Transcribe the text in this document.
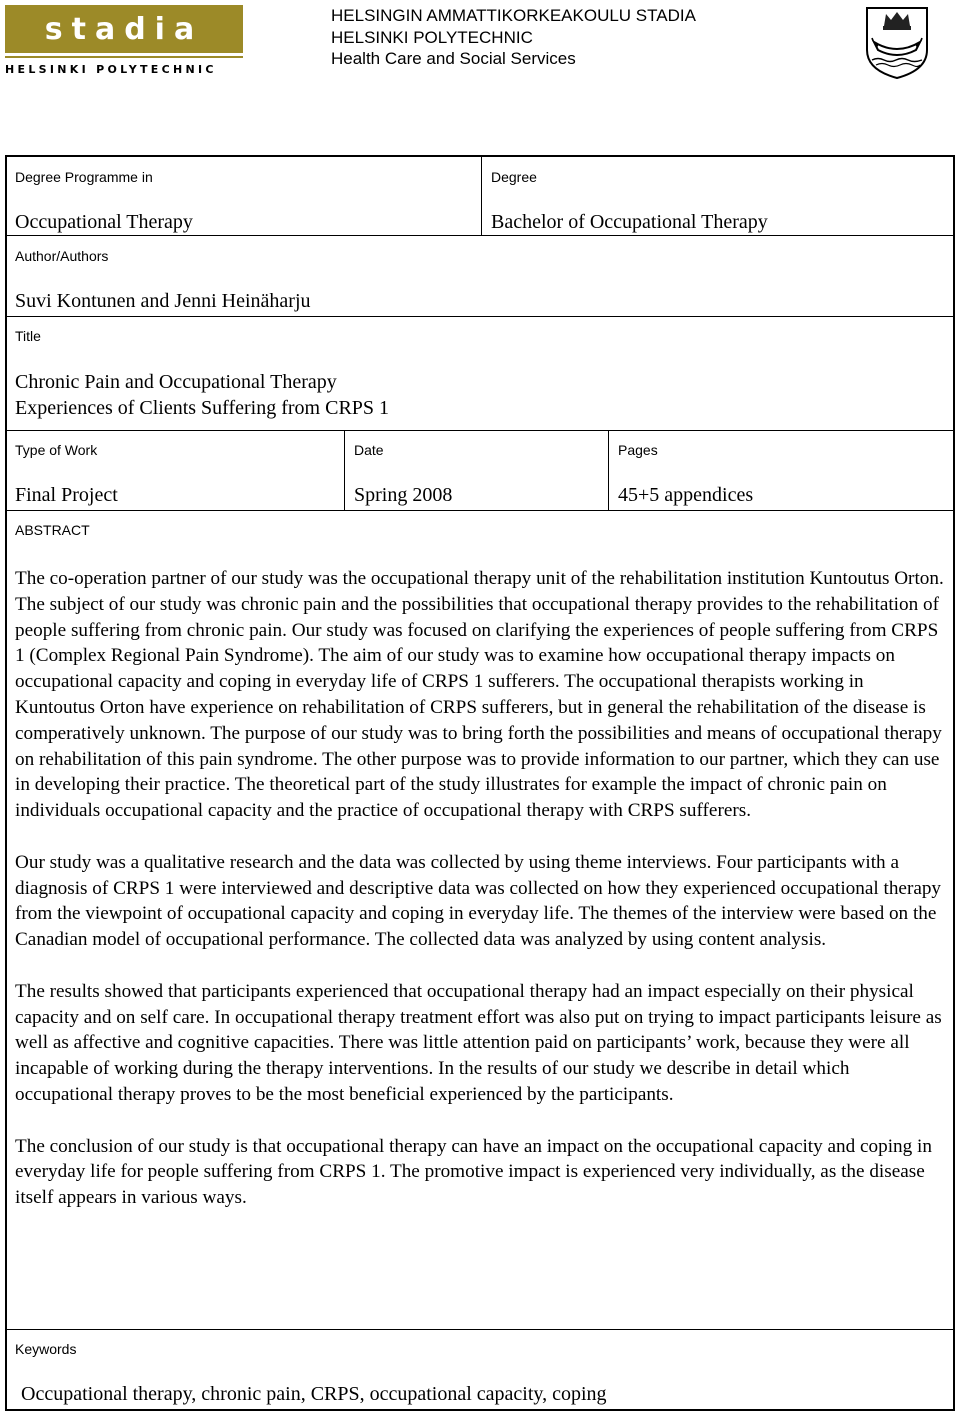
stadia
HELSINKI POLYTECHNIC
HELSINGIN AMMATTIKORKEAKOULU STADIA
HELSINKI POLYTECHNIC
Health Care and Social Services
Degree Programme in
Occupational Therapy
Degree
Bachelor of Occupational Therapy
Author/Authors
Suvi Kontunen and Jenni Heinäharju
Title
Chronic Pain and Occupational Therapy
Experiences of Clients Suffering from CRPS 1
Type of Work
Final Project
Date
Spring 2008
Pages
45+5 appendices
ABSTRACT

The co-operation partner of our study was the occupational therapy unit of the rehabilitation institution Kuntoutus Orton. The subject of our study was chronic pain and the possibilities that occupational therapy provides to the rehabilitation of people suffering from chronic pain. Our study was focused on clarifying the experiences of people suffering from CRPS 1 (Complex Regional Pain Syndrome). The aim of our study was to examine how occupational therapy impacts on occupational capacity and coping in everyday life of CRPS 1 sufferers. The occupational therapists working in Kuntoutus Orton have experience on rehabilitation of CRPS sufferers, but in general the rehabilitation of the disease is comperatively unknown. The purpose of our study was to bring forth the possibilities and means of occupational therapy on rehabilitation of this pain syndrome. The other purpose was to provide information to our partner, which they can use in developing their practice. The theoretical part of the study illustrates for example the impact of chronic pain on individuals occupational capacity and the practice of occupational therapy with CRPS sufferers.

Our study was a qualitative research and the data was collected by using theme interviews. Four participants with a diagnosis of CRPS 1 were interviewed and descriptive data was collected on how they experienced occupational therapy from the viewpoint of occupational capacity and coping in everyday life. The themes of the interview were based on the Canadian model of occupational performance. The collected data was analyzed by using content analysis.

The results showed that participants experienced that occupational therapy had an impact especially on their physical capacity and on self care. In occupational therapy treatment effort was also put on trying to impact participants leisure as well as affective and cognitive capacities. There was little attention paid on participants’ work, because they were all incapable of working during the therapy interventions. In the results of our study we describe in detail which occupational therapy proves to be the most beneficial experienced by the participants.

The conclusion of our study is that occupational therapy can have an impact on the occupational capacity and coping in everyday life for people suffering from CRPS 1. The promotive impact is experienced very individually, as the disease itself appears in various ways.

Keywords
Occupational therapy, chronic pain, CRPS, occupational capacity, coping
